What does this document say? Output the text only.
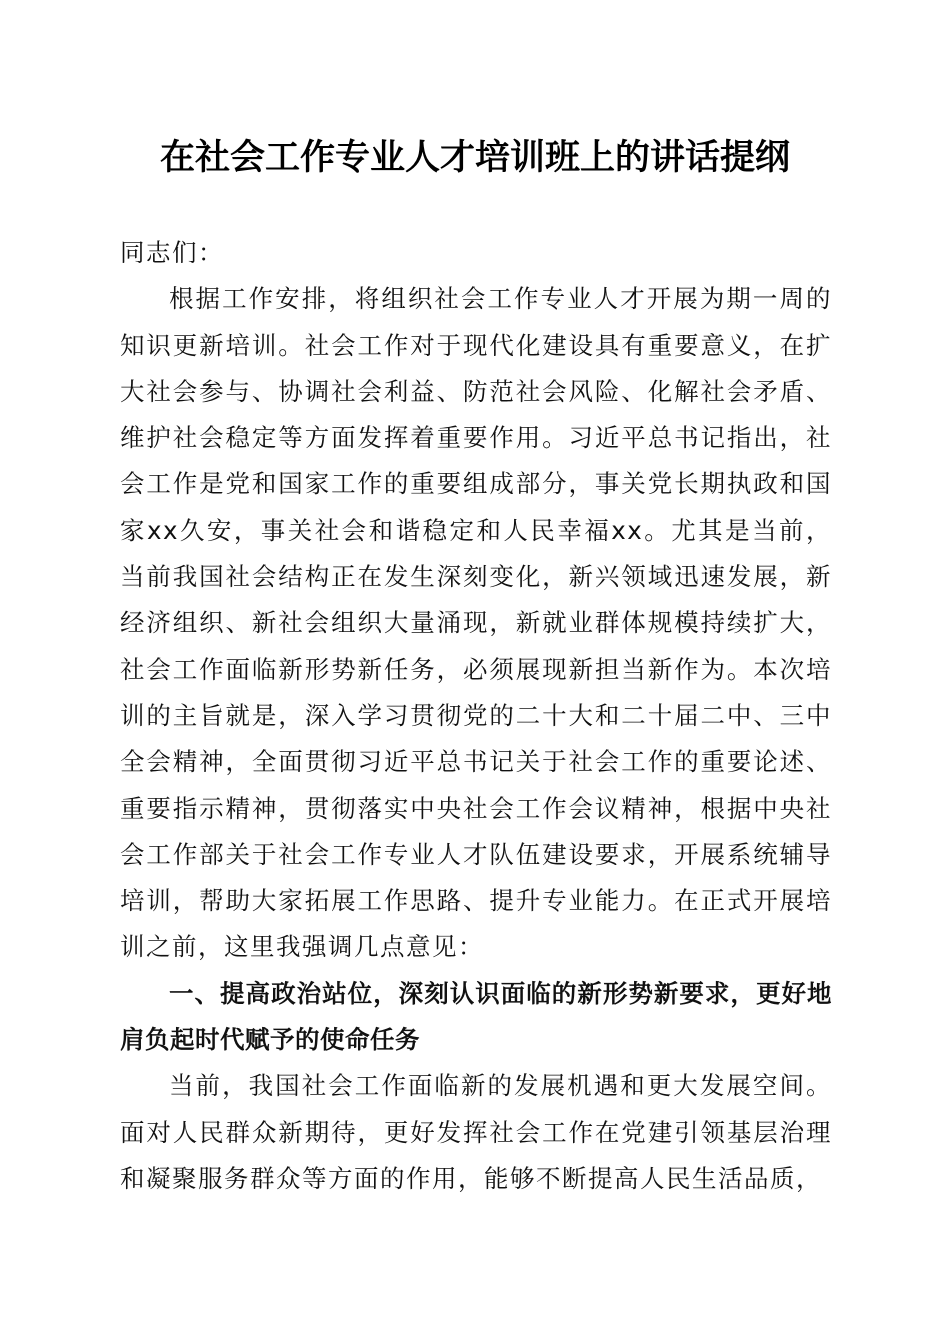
在社会工作专业人才培训班上的讲话提纲

同志们：

根据工作安排，将组织社会工作专业人才开展为期一周的知识更新培训。社会工作对于现代化建设具有重要意义，在扩大社会参与、协调社会利益、防范社会风险、化解社会矛盾、维护社会稳定等方面发挥着重要作用。习近平总书记指出，社会工作是党和国家工作的重要组成部分，事关党长期执政和国家xx久安，事关社会和谐稳定和人民幸福xx。尤其是当前，当前我国社会结构正在发生深刻变化，新兴领域迅速发展，新经济组织、新社会组织大量涌现，新就业群体规模持续扩大，社会工作面临新形势新任务，必须展现新担当新作为。本次培训的主旨就是，深入学习贯彻党的二十大和二十届二中、三中全会精神，全面贯彻习近平总书记关于社会工作的重要论述、重要指示精神，贯彻落实中央社会工作会议精神，根据中央社会工作部关于社会工作专业人才队伍建设要求，开展系统辅导培训，帮助大家拓展工作思路、提升专业能力。在正式开展培训之前，这里我强调几点意见：

一、提高政治站位，深刻认识面临的新形势新要求，更好地肩负起时代赋予的使命任务

当前，我国社会工作面临新的发展机遇和更大发展空间。面对人民群众新期待，更好发挥社会工作在党建引领基层治理和凝聚服务群众等方面的作用，能够不断提高人民生活品质，
